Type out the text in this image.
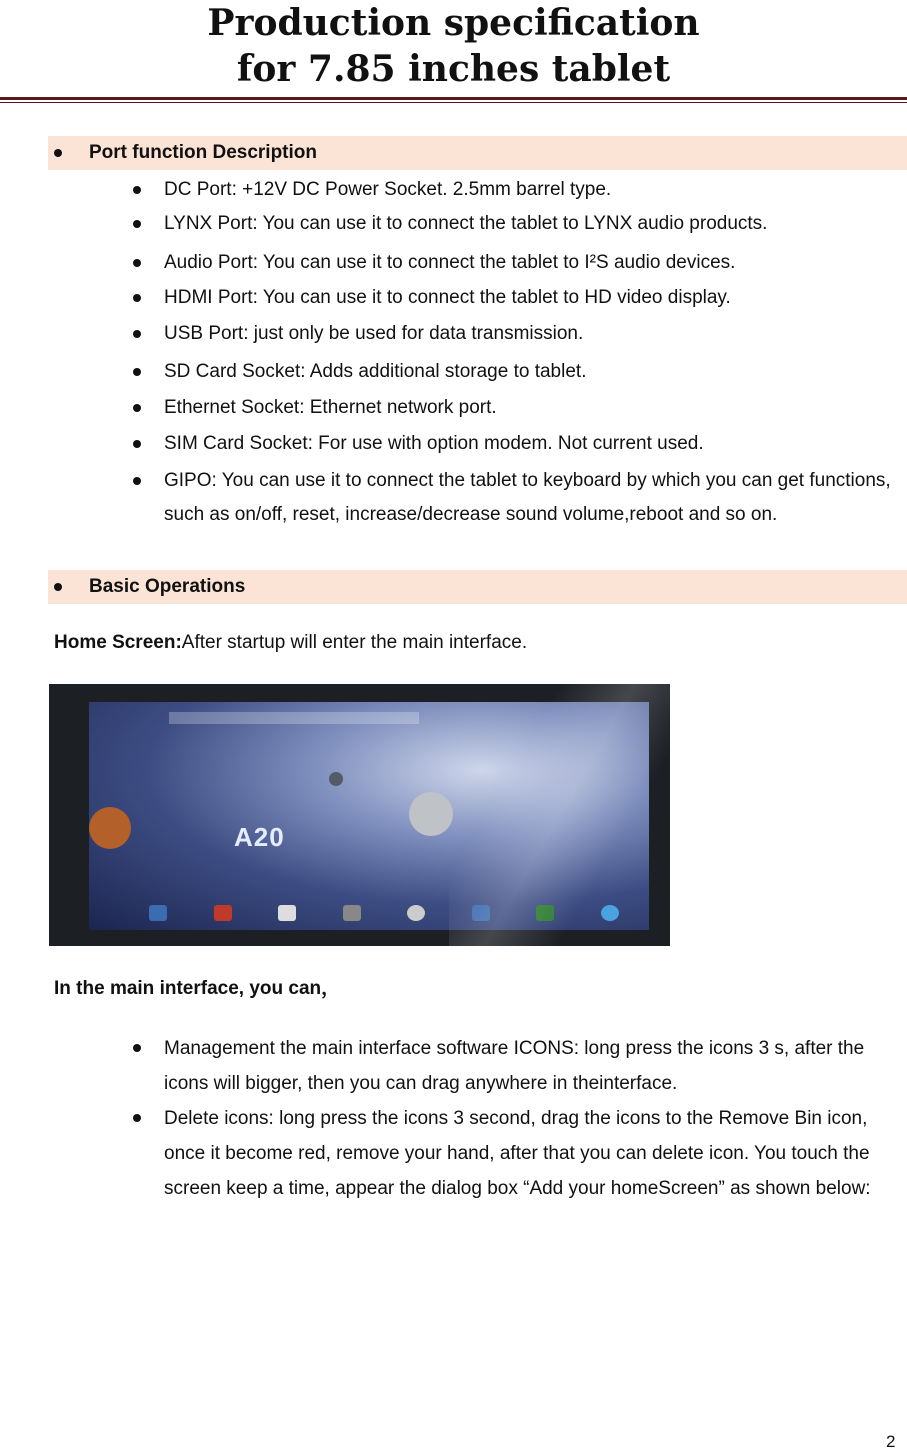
Production specification
for 7.85 inches tablet
Port function Description
DC Port: +12V DC Power Socket. 2.5mm barrel type.
LYNX Port: You can use it to connect the tablet to LYNX audio products.
Audio Port: You can use it to connect the tablet to I²S audio devices.
HDMI Port: You can use it to connect the tablet to HD video display.
USB Port: just only be used for data transmission.
SD Card Socket: Adds additional storage to tablet.
Ethernet Socket: Ethernet network port.
SIM Card Socket: For use with option modem. Not current used.
GIPO: You can use it to connect the tablet to keyboard by which you can get functions, such as on/off, reset, increase/decrease sound volume,reboot and so on.
Basic Operations
Home Screen:After startup will enter the main interface.
A20
In the main interface, you can，
Management the main interface software ICONS: long press the icons 3 s, after the icons will bigger, then you can drag anywhere in theinterface.
Delete icons: long press the icons 3 second, drag the icons to the Remove Bin icon, once it become red, remove your hand, after that you can delete icon. You touch the screen keep a time, appear the dialog box “Add your homeScreen” as shown below:
2
